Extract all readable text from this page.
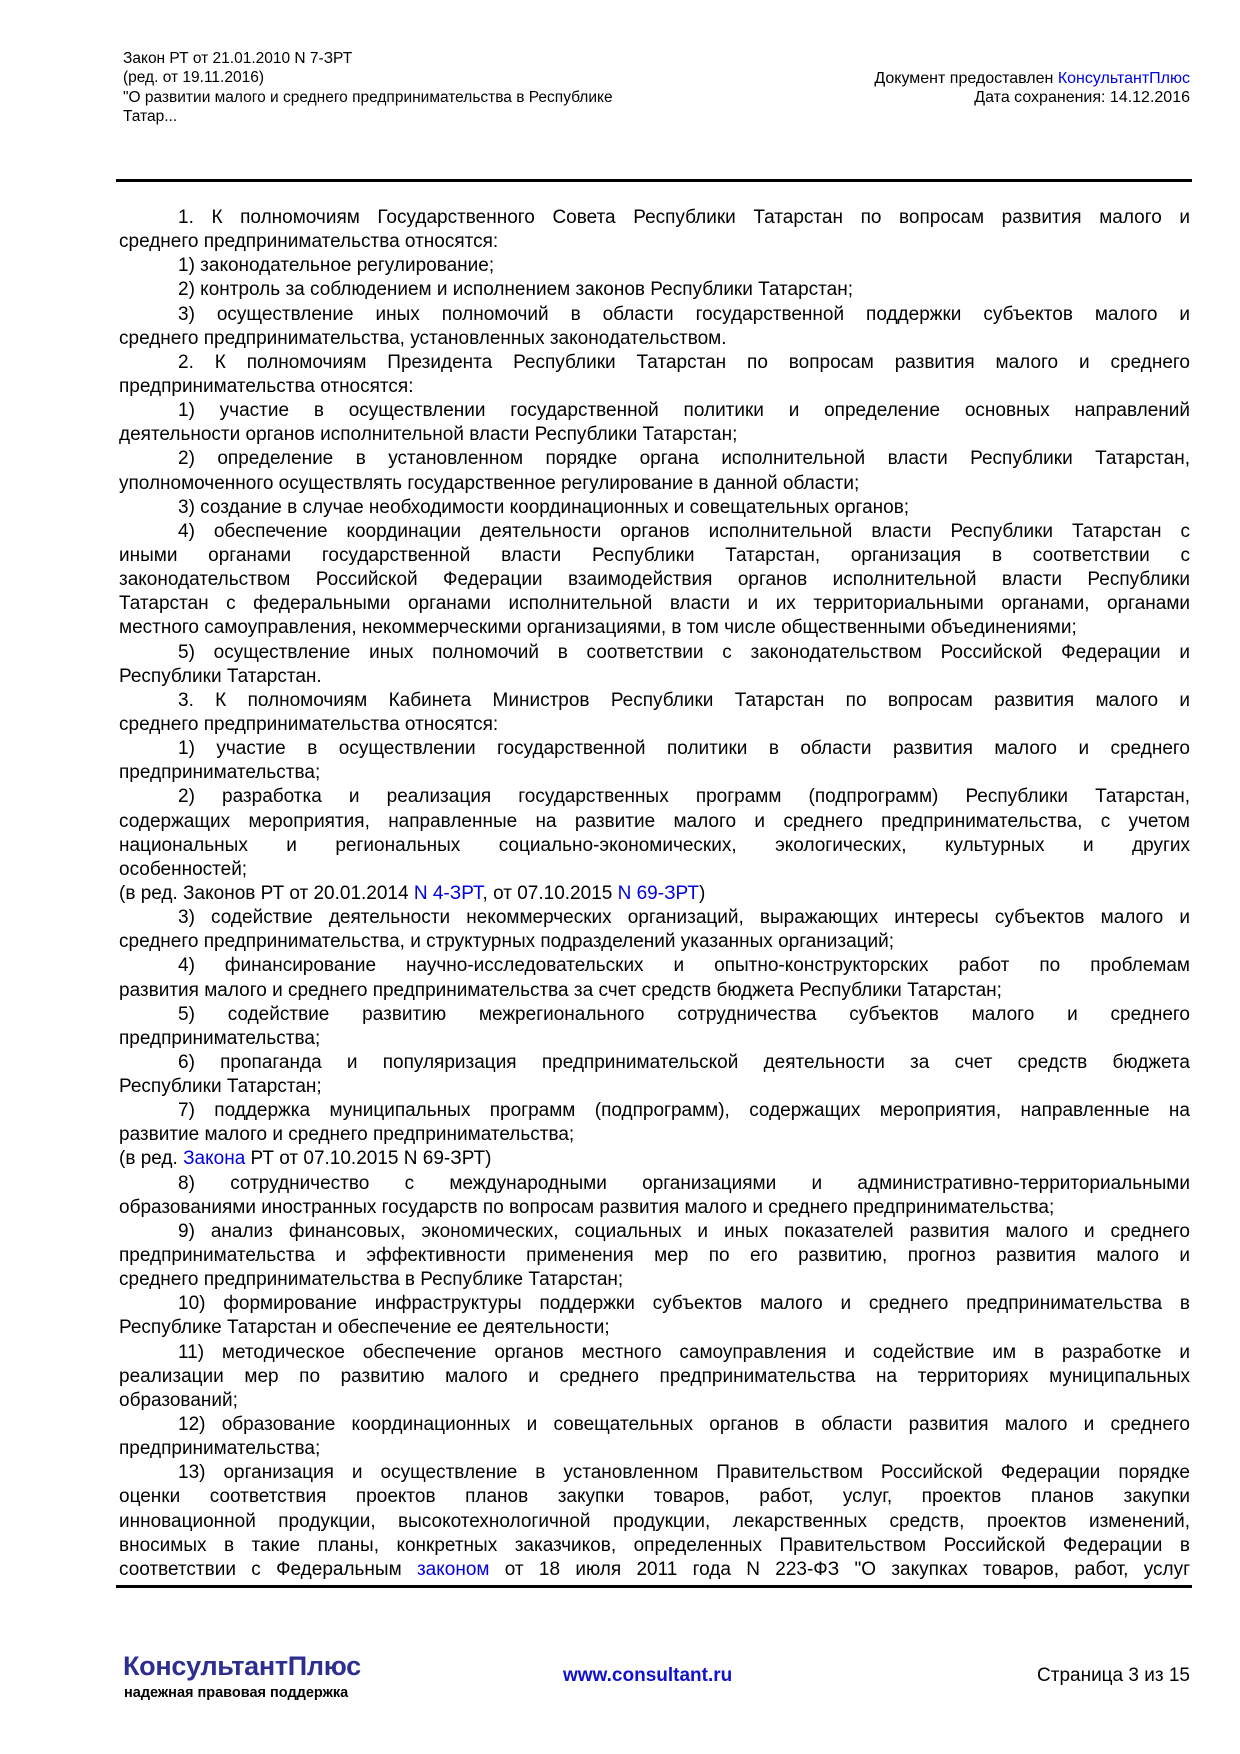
Закон РТ от 21.01.2010 N 7-ЗРТ
(ред. от 19.11.2016)
"О развитии малого и среднего предпринимательства в Республике
Татар...
Документ предоставлен КонсультантПлюс
Дата сохранения: 14.12.2016
1. К полномочиям Государственного Совета Республики Татарстан по вопросам развития малого и
среднего предпринимательства относятся:
1) законодательное регулирование;
2) контроль за соблюдением и исполнением законов Республики Татарстан;
3) осуществление иных полномочий в области государственной поддержки субъектов малого и
среднего предпринимательства, установленных законодательством.
2. К полномочиям Президента Республики Татарстан по вопросам развития малого и среднего
предпринимательства относятся:
1) участие в осуществлении государственной политики и определение основных направлений
деятельности органов исполнительной власти Республики Татарстан;
2) определение в установленном порядке органа исполнительной власти Республики Татарстан,
уполномоченного осуществлять государственное регулирование в данной области;
3) создание в случае необходимости координационных и совещательных органов;
4) обеспечение координации деятельности органов исполнительной власти Республики Татарстан с
иными органами государственной власти Республики Татарстан, организация в соответствии с
законодательством Российской Федерации взаимодействия органов исполнительной власти Республики
Татарстан с федеральными органами исполнительной власти и их территориальными органами, органами
местного самоуправления, некоммерческими организациями, в том числе общественными объединениями;
5) осуществление иных полномочий в соответствии с законодательством Российской Федерации и
Республики Татарстан.
3. К полномочиям Кабинета Министров Республики Татарстан по вопросам развития малого и
среднего предпринимательства относятся:
1) участие в осуществлении государственной политики в области развития малого и среднего
предпринимательства;
2) разработка и реализация государственных программ (подпрограмм) Республики Татарстан,
содержащих мероприятия, направленные на развитие малого и среднего предпринимательства, с учетом
национальных и региональных социально-экономических, экологических, культурных и других
особенностей;
(в ред. Законов РТ от 20.01.2014 N 4-ЗРТ, от 07.10.2015 N 69-ЗРТ)
3) содействие деятельности некоммерческих организаций, выражающих интересы субъектов малого и
среднего предпринимательства, и структурных подразделений указанных организаций;
4) финансирование научно-исследовательских и опытно-конструкторских работ по проблемам
развития малого и среднего предпринимательства за счет средств бюджета Республики Татарстан;
5) содействие развитию межрегионального сотрудничества субъектов малого и среднего
предпринимательства;
6) пропаганда и популяризация предпринимательской деятельности за счет средств бюджета
Республики Татарстан;
7) поддержка муниципальных программ (подпрограмм), содержащих мероприятия, направленные на
развитие малого и среднего предпринимательства;
(в ред. Закона РТ от 07.10.2015 N 69-ЗРТ)
8) сотрудничество с международными организациями и административно-территориальными
образованиями иностранных государств по вопросам развития малого и среднего предпринимательства;
9) анализ финансовых, экономических, социальных и иных показателей развития малого и среднего
предпринимательства и эффективности применения мер по его развитию, прогноз развития малого и
среднего предпринимательства в Республике Татарстан;
10) формирование инфраструктуры поддержки субъектов малого и среднего предпринимательства в
Республике Татарстан и обеспечение ее деятельности;
11) методическое обеспечение органов местного самоуправления и содействие им в разработке и
реализации мер по развитию малого и среднего предпринимательства на территориях муниципальных
образований;
12) образование координационных и совещательных органов в области развития малого и среднего
предпринимательства;
13) организация и осуществление в установленном Правительством Российской Федерации порядке
оценки соответствия проектов планов закупки товаров, работ, услуг, проектов планов закупки
инновационной продукции, высокотехнологичной продукции, лекарственных средств, проектов изменений,
вносимых в такие планы, конкретных заказчиков, определенных Правительством Российской Федерации в
соответствии с Федеральным законом от 18 июля 2011 года N 223-ФЗ "О закупках товаров, работ, услуг
КонсультантПлюс
надежная правовая поддержка
www.consultant.ru	Страница 3 из 15
